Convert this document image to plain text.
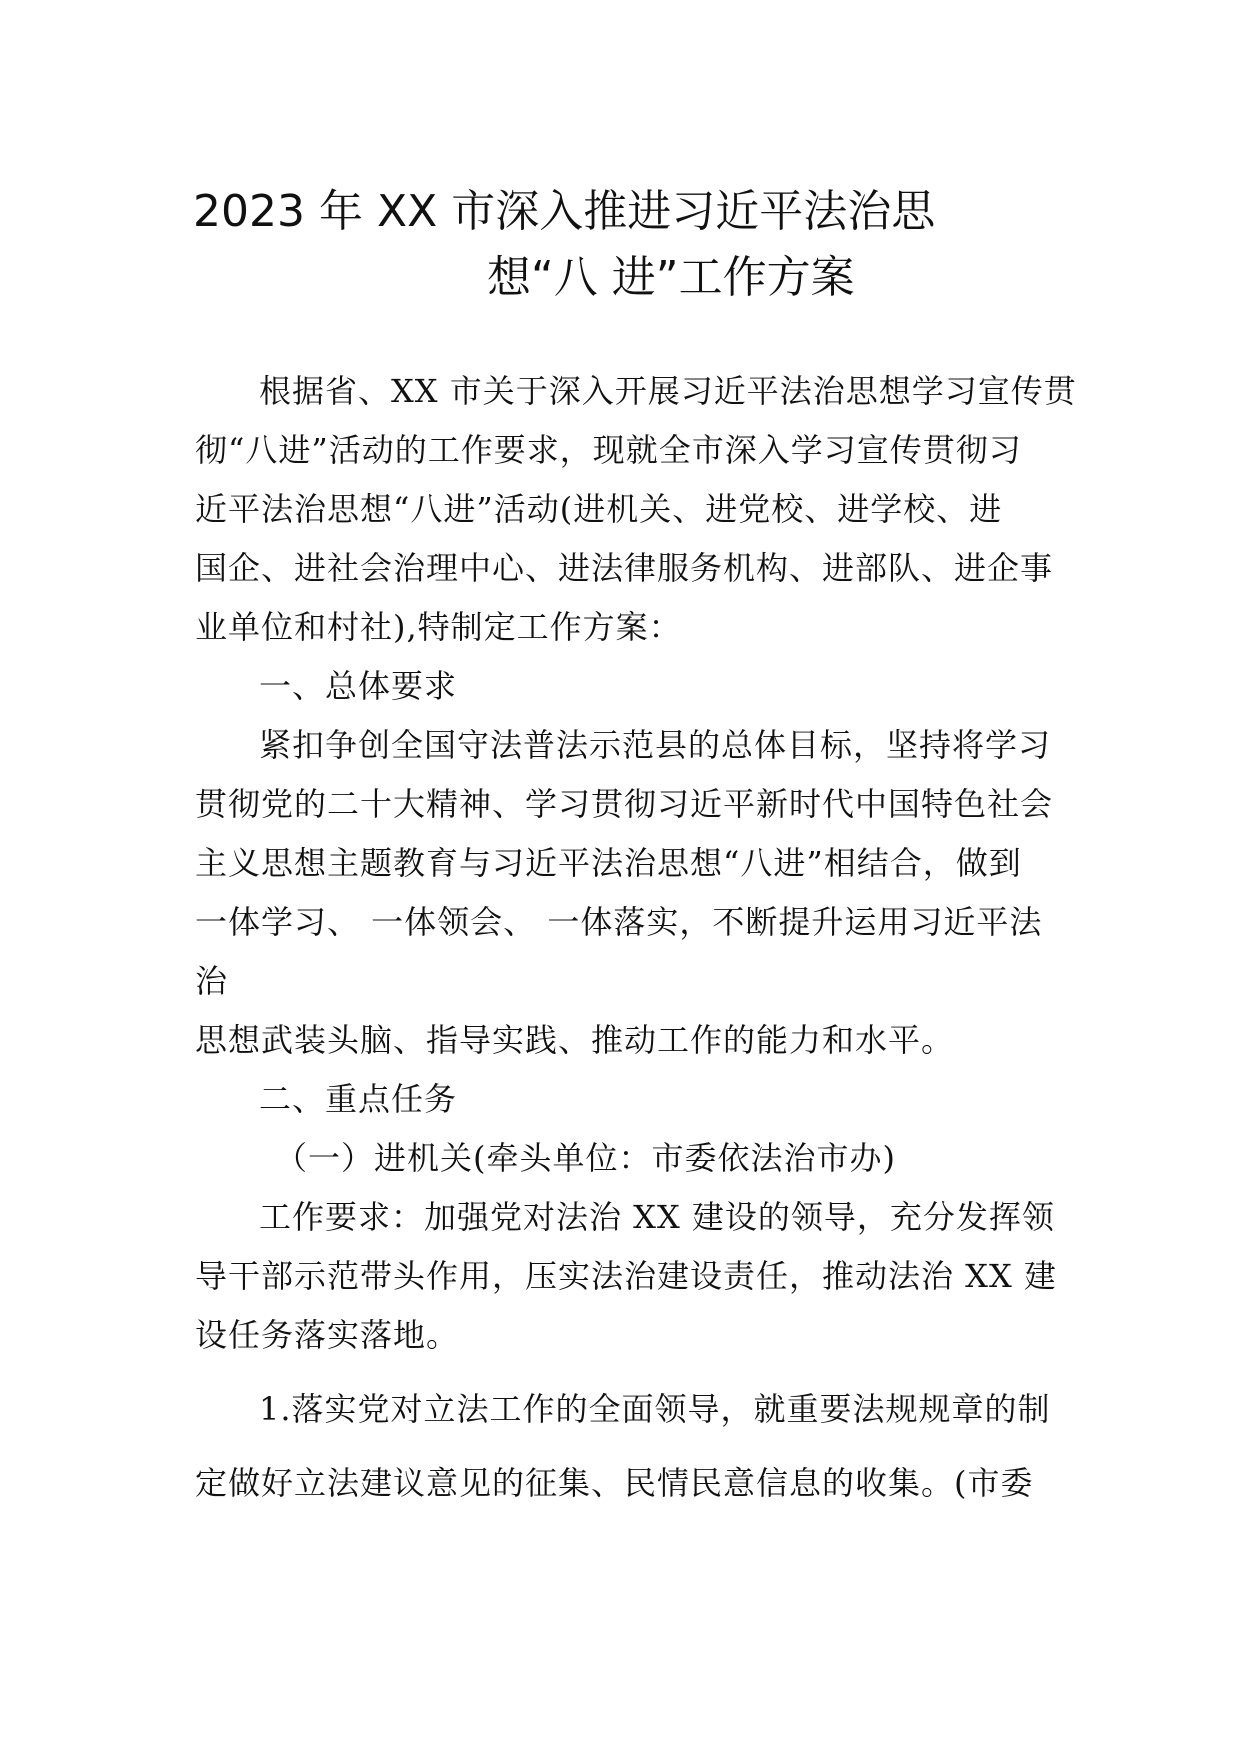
2023 年 XX 市深入推进习近平法治思
想“八 进”工作方案

根据省、XX 市关于深入开展习近平法治思想学习宣传贯

彻“八进”活动的工作要求，现就全市深入学习宣传贯彻习

近平法治思想“八进”活动(进机关、进党校、进学校、进

国企、进社会治理中心、进法律服务机构、进部队、进企事

业单位和村社),特制定工作方案：

一、总体要求

紧扣争创全国守法普法示范县的总体目标，坚持将学习

贯彻党的二十大精神、学习贯彻习近平新时代中国特色社会

主义思想主题教育与习近平法治思想“八进”相结合，做到

一体学习、 一体领会、 一体落实，不断提升运用习近平法

治

思想武装头脑、指导实践、推动工作的能力和水平。

二、重点任务

（一）进机关(牵头单位：市委依法治市办)

工作要求：加强党对法治 XX 建设的领导，充分发挥领

导干部示范带头作用，压实法治建设责任，推动法治 XX 建

设任务落实落地。

1.落实党对立法工作的全面领导，就重要法规规章的制

定做好立法建议意见的征集、民情民意信息的收集。(市委
